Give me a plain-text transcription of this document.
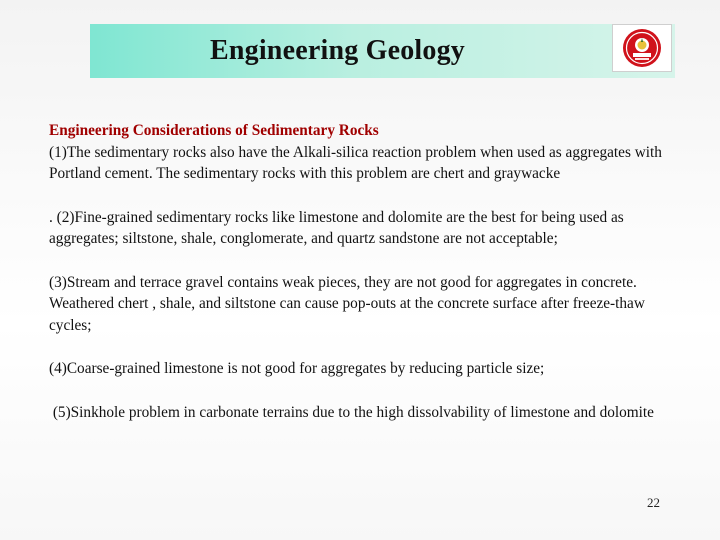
Engineering Geology
Engineering Considerations of Sedimentary Rocks

(1)The sedimentary rocks also have the Alkali-silica reaction problem when used as aggregates with Portland cement. The sedimentary rocks with this problem are chert and graywacke

. (2)Fine-grained sedimentary rocks like limestone and dolomite are the best for being used as aggregates; siltstone, shale, conglomerate, and quartz sandstone are not acceptable;

(3)Stream and terrace gravel contains weak pieces, they are not good for aggregates in concrete. Weathered chert , shale, and siltstone can cause pop-outs at the concrete surface after freeze-thaw cycles;

(4)Coarse-grained limestone is not good for aggregates by reducing particle size;

(5)Sinkhole problem in carbonate terrains due to the high dissolvability of limestone and dolomite

22
